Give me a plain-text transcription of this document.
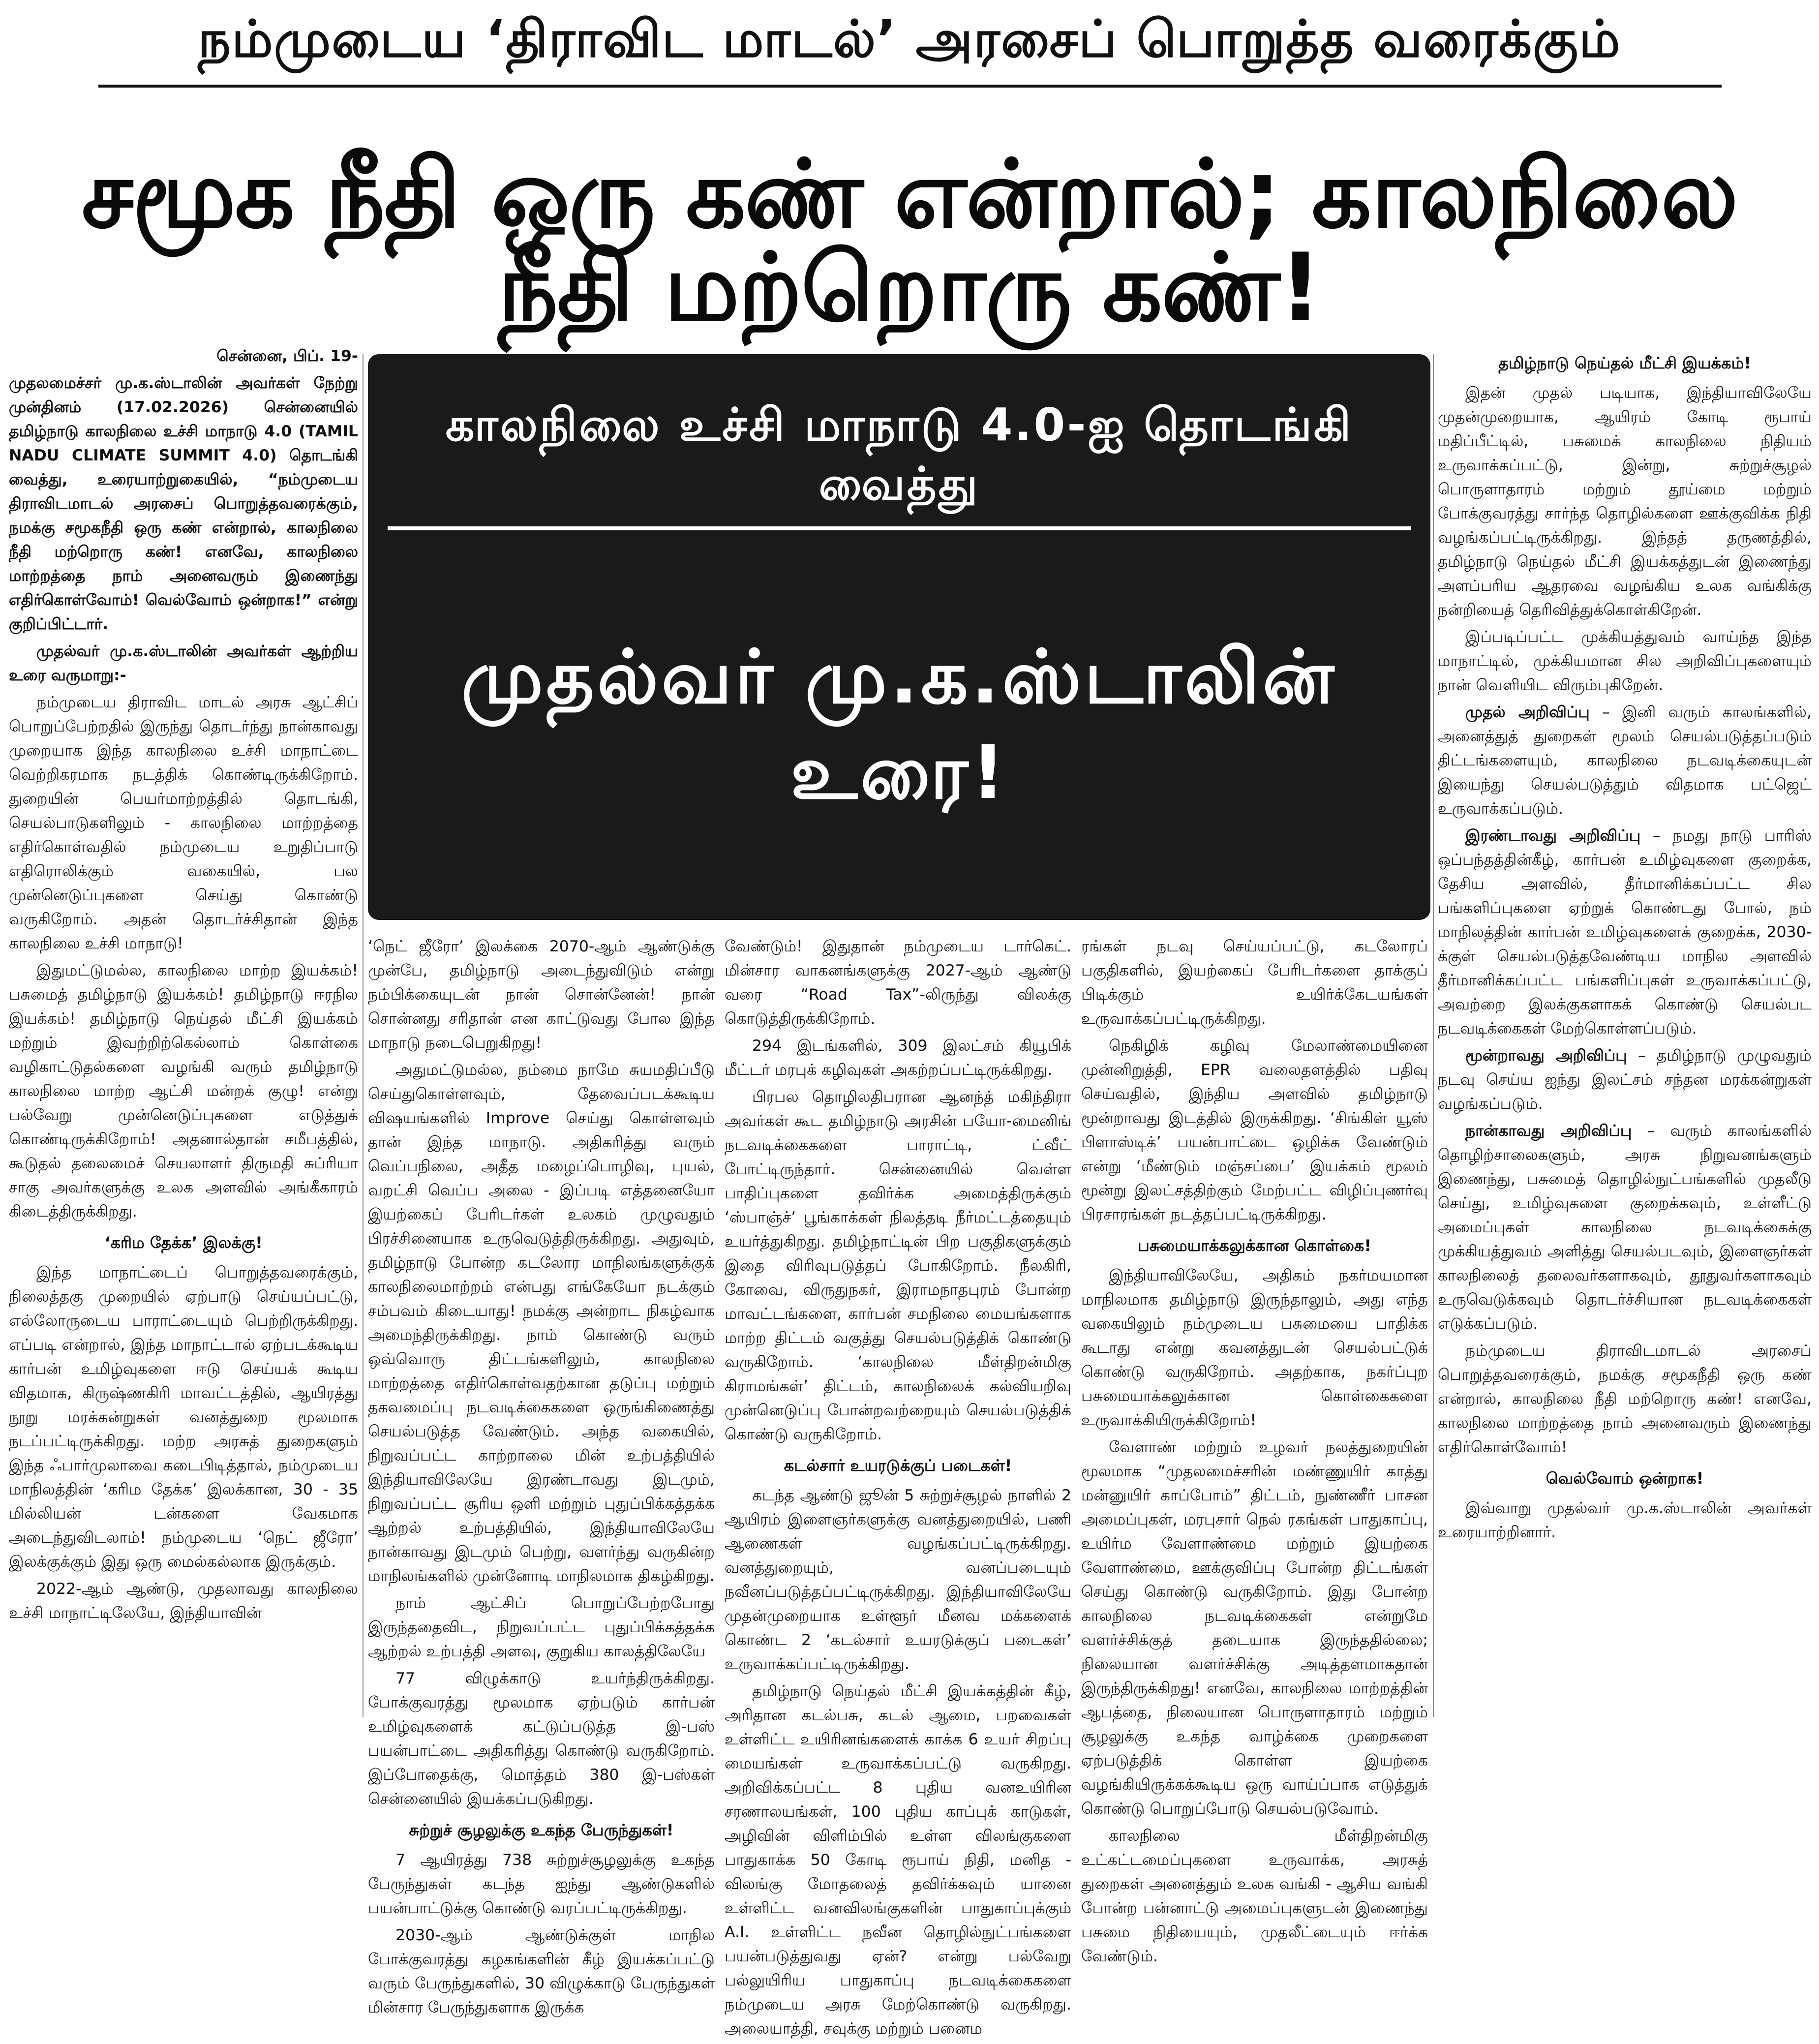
நம்முடைய ‘திராவிட மாடல்’ அரசைப் பொறுத்த வரைக்கும்
சமூக நீதி ஒரு கண் என்றால்; காலநிலை நீதி மற்றொரு கண்!

சென்னை, பிப். 19-

முதலமைச்சர் மு.க.ஸ்டாலின் அவர்கள் நேற்று முன்தினம் (17.02.2026) சென்னையில் தமிழ்நாடு காலநிலை உச்சி மாநாடு 4.0 (TAMIL NADU CLIMATE SUMMIT 4.0) தொடங்கி வைத்து, உரையாற்றுகையில், “நம்முடைய திராவிடமாடல் அரசைப் பொறுத்தவரைக்கும், நமக்கு சமூகநீதி ஒரு கண் என்றால், காலநிலை நீதி மற்றொரு கண்! எனவே, காலநிலை மாற்றத்தை நாம் அனைவரும் இணைந்து எதிர்கொள்வோம்! வெல்வோம் ஒன்றாக!” என்று குறிப்பிட்டார்.

முதல்வர் மு.க.ஸ்டாலின் அவர்கள் ஆற்றிய உரை வருமாறு:-

நம்முடைய திராவிட மாடல் அரசு ஆட்சிப் பொறுப்பேற்றதில் இருந்து தொடர்ந்து நான்காவது முறையாக இந்த காலநிலை உச்சி மாநாட்டை வெற்றிகரமாக நடத்திக் கொண்டிருக்கிறோம். துறையின் பெயர்மாற்றத்தில் தொடங்கி, செயல்பாடுகளிலும் - காலநிலை மாற்றத்தை எதிர்கொள்வதில் நம்முடைய உறுதிப்பாடு எதிரொலிக்கும் வகையில், பல முன்னெடுப்புகளை செய்து கொண்டு வருகிறோம். அதன் தொடர்ச்சிதான் இந்த காலநிலை உச்சி மாநாடு!

இதுமட்டுமல்ல, காலநிலை மாற்ற இயக்கம்! பசுமைத் தமிழ்நாடு இயக்கம்! தமிழ்நாடு ஈரநில இயக்கம்! தமிழ்நாடு நெய்தல் மீட்சி இயக்கம் மற்றும் இவற்றிற்கெல்லாம் கொள்கை வழிகாட்டுதல்களை வழங்கி வரும் தமிழ்நாடு காலநிலை மாற்ற ஆட்சி மன்றக் குழு! என்று பல்வேறு முன்னெடுப்புகளை எடுத்துக் கொண்டிருக்கிறோம்! அதனால்தான் சமீபத்தில், கூடுதல் தலைமைச் செயலாளர் திருமதி சுப்ரியா சாகு அவர்களுக்கு உலக அளவில் அங்கீகாரம் கிடைத்திருக்கிறது.

‘கரிம தேக்க’ இலக்கு!

இந்த மாநாட்டைப் பொறுத்தவரைக்கும், நிலைத்தகு முறையில் ஏற்பாடு செய்யப்பட்டு, எல்லோருடைய பாராட்டையும் பெற்றிருக்கிறது. எப்படி என்றால், இந்த மாநாட்டால் ஏற்படக்கூடிய கார்பன் உமிழ்வுகளை ஈடு செய்யக் கூடிய விதமாக, கிருஷ்ணகிரி மாவட்டத்தில், ஆயிரத்து நூறு மரக்கன்றுகள் வனத்துறை மூலமாக நடப்பட்டிருக்கிறது. மற்ற அரசுத் துறைகளும் இந்த ஃபார்முலாவை கடைபிடித்தால், நம்முடைய மாநிலத்தின் ‘கரிம தேக்க’ இலக்கான, 30 - 35 மில்லியன் டன்களை வேகமாக அடைந்துவிடலாம்! நம்முடைய ‘நெட் ஜீரோ’ இலக்குக்கும் இது ஒரு மைல்கல்லாக இருக்கும்.

2022-ஆம் ஆண்டு, முதலாவது காலநிலை உச்சி மாநாட்டிலேயே, இந்தியாவின்

காலநிலை உச்சி மாநாடு 4.0-ஐ தொடங்கி வைத்து
முதல்வர் மு.க.ஸ்டாலின் உரை!

‘நெட் ஜீரோ’ இலக்கை 2070-ஆம் ஆண்டுக்கு முன்பே, தமிழ்நாடு அடைந்துவிடும் என்று நம்பிக்கையுடன் நான் சொன்னேன்! நான் சொன்னது சரிதான் என காட்டுவது போல இந்த மாநாடு நடைபெறுகிறது!

அதுமட்டுமல்ல, நம்மை நாமே சுயமதிப்பீடு செய்துகொள்ளவும், தேவைப்படக்கூடிய விஷயங்களில் Improve செய்து கொள்ளவும் தான் இந்த மாநாடு. அதிகரித்து வரும் வெப்பநிலை, அதீத மழைப்பொழிவு, புயல், வறட்சி வெப்ப அலை - இப்படி எத்தனையோ இயற்கைப் பேரிடர்கள் உலகம் முழுவதும் பிரச்சினையாக உருவெடுத்திருக்கிறது. அதுவும், தமிழ்நாடு போன்ற கடலோர மாநிலங்களுக்குக் காலநிலைமாற்றம் என்பது எங்கேயோ நடக்கும் சம்பவம் கிடையாது! நமக்கு அன்றாட நிகழ்வாக அமைந்திருக்கிறது. நாம் கொண்டு வரும் ஒவ்வொரு திட்டங்களிலும், காலநிலை மாற்றத்தை எதிர்கொள்வதற்கான தடுப்பு மற்றும் தகவமைப்பு நடவடிக்கைகளை ஒருங்கிணைத்து செயல்படுத்த வேண்டும். அந்த வகையில், நிறுவப்பட்ட காற்றாலை மின் உற்பத்தியில் இந்தியாவிலேயே இரண்டாவது இடமும், நிறுவப்பட்ட சூரிய ஒளி மற்றும் புதுப்பிக்கத்தக்க ஆற்றல் உற்பத்தியில், இந்தியாவிலேயே நான்காவது இடமும் பெற்று, வளர்ந்து வருகின்ற மாநிலங்களில் முன்னோடி மாநிலமாக திகழ்கிறது.

நாம் ஆட்சிப் பொறுப்பேற்றபோது இருந்ததைவிட, நிறுவப்பட்ட புதுப்பிக்கத்தக்க ஆற்றல் உற்பத்தி அளவு, குறுகிய காலத்திலேயே

77 விழுக்காடு உயர்ந்திருக்கிறது. போக்குவரத்து மூலமாக ஏற்படும் கார்பன் உமிழ்வுகளைக் கட்டுப்படுத்த இ-பஸ் பயன்பாட்டை அதிகரித்து கொண்டு வருகிறோம். இப்போதைக்கு, மொத்தம் 380 இ-பஸ்கள் சென்னையில் இயக்கப்படுகிறது.

சுற்றுச் சூழலுக்கு உகந்த பேருந்துகள்!

7 ஆயிரத்து 738 சுற்றுச்சூழலுக்கு உகந்த பேருந்துகள் கடந்த ஐந்து ஆண்டுகளில் பயன்பாட்டுக்கு கொண்டு வரப்பட்டிருக்கிறது.

2030-ஆம் ஆண்டுக்குள் மாநில போக்குவரத்து கழகங்களின் கீழ் இயக்கப்பட்டு வரும் பேருந்துகளில், 30 விழுக்காடு பேருந்துகள் மின்சார பேருந்துகளாக இருக்க

வேண்டும்! இதுதான் நம்முடைய டார்கெட். மின்சார வாகனங்களுக்கு 2027-ஆம் ஆண்டு வரை “Road Tax”-லிருந்து விலக்கு கொடுத்திருக்கிறோம்.

294 இடங்களில், 309 இலட்சம் கியூபிக் மீட்டர் மரபுக் கழிவுகள் அகற்றப்பட்டிருக்கிறது.

பிரபல தொழிலதிபரான ஆனந்த் மகிந்திரா அவர்கள் கூட தமிழ்நாடு அரசின் பயோ-மைனிங் நடவடிக்கைகளை பாராட்டி, ட்வீட் போட்டிருந்தார். சென்னையில் வெள்ள பாதிப்புகளை தவிர்க்க அமைத்திருக்கும் ‘ஸ்பாஞ்ச்’ பூங்காக்கள் நிலத்தடி நீர்மட்டத்தையும் உயர்த்துகிறது. தமிழ்நாட்டின் பிற பகுதிகளுக்கும் இதை விரிவுபடுத்தப் போகிறோம். நீலகிரி, கோவை, விருதுநகர், இராமநாதபுரம் போன்ற மாவட்டங்களை, கார்பன் சமநிலை மையங்களாக மாற்ற திட்டம் வகுத்து செயல்படுத்திக் கொண்டு வருகிறோம். ‘காலநிலை மீள்திறன்மிகு கிராமங்கள்’ திட்டம், காலநிலைக் கல்வியறிவு முன்னெடுப்பு போன்றவற்றையும் செயல்படுத்திக் கொண்டு வருகிறோம்.

கடல்சார் உயரடுக்குப் படைகள்!

கடந்த ஆண்டு ஜூன் 5 சுற்றுச்சூழல் நாளில் 2 ஆயிரம் இளைஞர்களுக்கு வனத்துறையில், பணி ஆணைகள் வழங்கப்பட்டிருக்கிறது. வனத்துறையும், வனப்படையும் நவீனப்படுத்தப்பட்டிருக்கிறது. இந்தியாவிலேயே முதன்முறையாக உள்ளூர் மீனவ மக்களைக் கொண்ட 2 ‘கடல்சார் உயரடுக்குப் படைகள்’ உருவாக்கப்பட்டிருக்கிறது.

தமிழ்நாடு நெய்தல் மீட்சி இயக்கத்தின் கீழ், அரிதான கடல்பசு, கடல் ஆமை, பறவைகள் உள்ளிட்ட உயிரினங்களைக் காக்க 6 உயர் சிறப்பு மையங்கள் உருவாக்கப்பட்டு வருகிறது. அறிவிக்கப்பட்ட 8 புதிய வனஉயிரின சரணாலயங்கள், 100 புதிய காப்புக் காடுகள், அழிவின் விளிம்பில் உள்ள விலங்குகளை பாதுகாக்க 50 கோடி ரூபாய் நிதி, மனித - விலங்கு மோதலைத் தவிர்க்கவும் யானை உள்ளிட்ட வனவிலங்குகளின் பாதுகாப்புக்கும் A.I. உள்ளிட்ட நவீன தொழில்நுட்பங்களை பயன்படுத்துவது ஏன்? என்று பல்வேறு பல்லுயிரிய பாதுகாப்பு நடவடிக்கைகளை நம்முடைய அரசு மேற்கொண்டு வருகிறது. அலையாத்தி, சவுக்கு மற்றும் பனைம

ரங்கள் நடவு செய்யப்பட்டு, கடலோரப் பகுதிகளில், இயற்கைப் பேரிடர்களை தாக்குப் பிடிக்கும் உயிர்க்கேடயங்கள் உருவாக்கப்பட்டிருக்கிறது.

நெகிழிக் கழிவு மேலாண்மையினை முன்னிறுத்தி, EPR வலைதளத்தில் பதிவு செய்வதில், இந்திய அளவில் தமிழ்நாடு மூன்றாவது இடத்தில் இருக்கிறது. ‘சிங்கிள் யூஸ் பிளாஸ்டிக்’ பயன்பாட்டை ஒழிக்க வேண்டும் என்று ‘மீண்டும் மஞ்சப்பை’ இயக்கம் மூலம் மூன்று இலட்சத்திற்கும் மேற்பட்ட விழிப்புணர்வு பிரசாரங்கள் நடத்தப்பட்டிருக்கிறது.

பசுமையாக்கலுக்கான கொள்கை!

இந்தியாவிலேயே, அதிகம் நகர்மயமான மாநிலமாக தமிழ்நாடு இருந்தாலும், அது எந்த வகையிலும் நம்முடைய பசுமையை பாதிக்க கூடாது என்று கவனத்துடன் செயல்பட்டுக் கொண்டு வருகிறோம். அதற்காக, நகர்ப்புற பசுமையாக்கலுக்கான கொள்கைகளை உருவாக்கியிருக்கிறோம்!

வேளாண் மற்றும் உழவர் நலத்துறையின் மூலமாக “முதலமைச்சரின் மண்ணுயிர் காத்து மன்னுயிர் காப்போம்” திட்டம், நுண்ணீர் பாசன அமைப்புகள், மரபுசார் நெல் ரகங்கள் பாதுகாப்பு, உயிர்ம வேளாண்மை மற்றும் இயற்கை வேளாண்மை, ஊக்குவிப்பு போன்ற திட்டங்கள் செய்து கொண்டு வருகிறோம். இது போன்ற காலநிலை நடவடிக்கைகள் என்றுமே வளர்ச்சிக்குத் தடையாக இருந்ததில்லை; நிலையான வளர்ச்சிக்கு அடித்தளமாகதான் இருந்திருக்கிறது! எனவே, காலநிலை மாற்றத்தின் ஆபத்தை, நிலையான பொருளாதாரம் மற்றும் சூழலுக்கு உகந்த வாழ்க்கை முறைகளை ஏற்படுத்திக் கொள்ள இயற்கை வழங்கியிருக்கக்கூடிய ஒரு வாய்ப்பாக எடுத்துக் கொண்டு பொறுப்போடு செயல்படுவோம்.

காலநிலை மீள்திறன்மிகு உட்கட்டமைப்புகளை உருவாக்க, அரசுத் துறைகள் அனைத்தும் உலக வங்கி - ஆசிய வங்கி போன்ற பன்னாட்டு அமைப்புகளுடன் இணைந்து பசுமை நிதியையும், முதலீட்டையும் ஈர்க்க வேண்டும்.

தமிழ்நாடு நெய்தல் மீட்சி இயக்கம்!

இதன் முதல் படியாக, இந்தியாவிலேயே முதன்முறையாக, ஆயிரம் கோடி ரூபாய் மதிப்பீட்டில், பசுமைக் காலநிலை நிதியம் உருவாக்கப்பட்டு, இன்று, சுற்றுச்சூழல் பொருளாதாரம் மற்றும் தூய்மை மற்றும் போக்குவரத்து சார்ந்த தொழில்களை ஊக்குவிக்க நிதி வழங்கப்பட்டிருக்கிறது. இந்தத் தருணத்தில், தமிழ்நாடு நெய்தல் மீட்சி இயக்கத்துடன் இணைந்து அளப்பரிய ஆதரவை வழங்கிய உலக வங்கிக்கு நன்றியைத் தெரிவித்துக்கொள்கிறேன்.

இப்படிப்பட்ட முக்கியத்துவம் வாய்ந்த இந்த மாநாட்டில், முக்கியமான சில அறிவிப்புகளையும் நான் வெளியிட விரும்புகிறேன்.

முதல் அறிவிப்பு – இனி வரும் காலங்களில், அனைத்துத் துறைகள் மூலம் செயல்படுத்தப்படும் திட்டங்களையும், காலநிலை நடவடிக்கையுடன் இயைந்து செயல்படுத்தும் விதமாக பட்ஜெட் உருவாக்கப்படும்.

இரண்டாவது அறிவிப்பு – நமது நாடு பாரிஸ் ஒப்பந்தத்தின்கீழ், கார்பன் உமிழ்வுகளை குறைக்க, தேசிய அளவில், தீர்மானிக்கப்பட்ட சில பங்களிப்புகளை ஏற்றுக் கொண்டது போல், நம் மாநிலத்தின் கார்பன் உமிழ்வுகளைக் குறைக்க, 2030-க்குள் செயல்படுத்தவேண்டிய மாநில அளவில் தீர்மானிக்கப்பட்ட பங்களிப்புகள் உருவாக்கப்பட்டு, அவற்றை இலக்குகளாகக் கொண்டு செயல்பட நடவடிக்கைகள் மேற்கொள்ளப்படும்.

மூன்றாவது அறிவிப்பு – தமிழ்நாடு முழுவதும் நடவு செய்ய ஐந்து இலட்சம் சந்தன மரக்கன்றுகள் வழங்கப்படும்.

நான்காவது அறிவிப்பு – வரும் காலங்களில் தொழிற்சாலைகளும், அரசு நிறுவனங்களும் இணைந்து, பசுமைத் தொழில்நுட்பங்களில் முதலீடு செய்து, உமிழ்வுகளை குறைக்கவும், உள்ளீட்டு அமைப்புகள் காலநிலை நடவடிக்கைக்கு முக்கியத்துவம் அளித்து செயல்படவும், இளைஞர்கள் காலநிலைத் தலைவர்களாகவும், தூதுவர்களாகவும் உருவெடுக்கவும் தொடர்ச்சியான நடவடிக்கைகள் எடுக்கப்படும்.

நம்முடைய திராவிடமாடல் அரசைப் பொறுத்தவரைக்கும், நமக்கு சமூகநீதி ஒரு கண் என்றால், காலநிலை நீதி மற்றொரு கண்! எனவே, காலநிலை மாற்றத்தை நாம் அனைவரும் இணைந்து எதிர்கொள்வோம்!

வெல்வோம் ஒன்றாக!

இவ்வாறு முதல்வர் மு.க.ஸ்டாலின் அவர்கள் உரையாற்றினார்.
